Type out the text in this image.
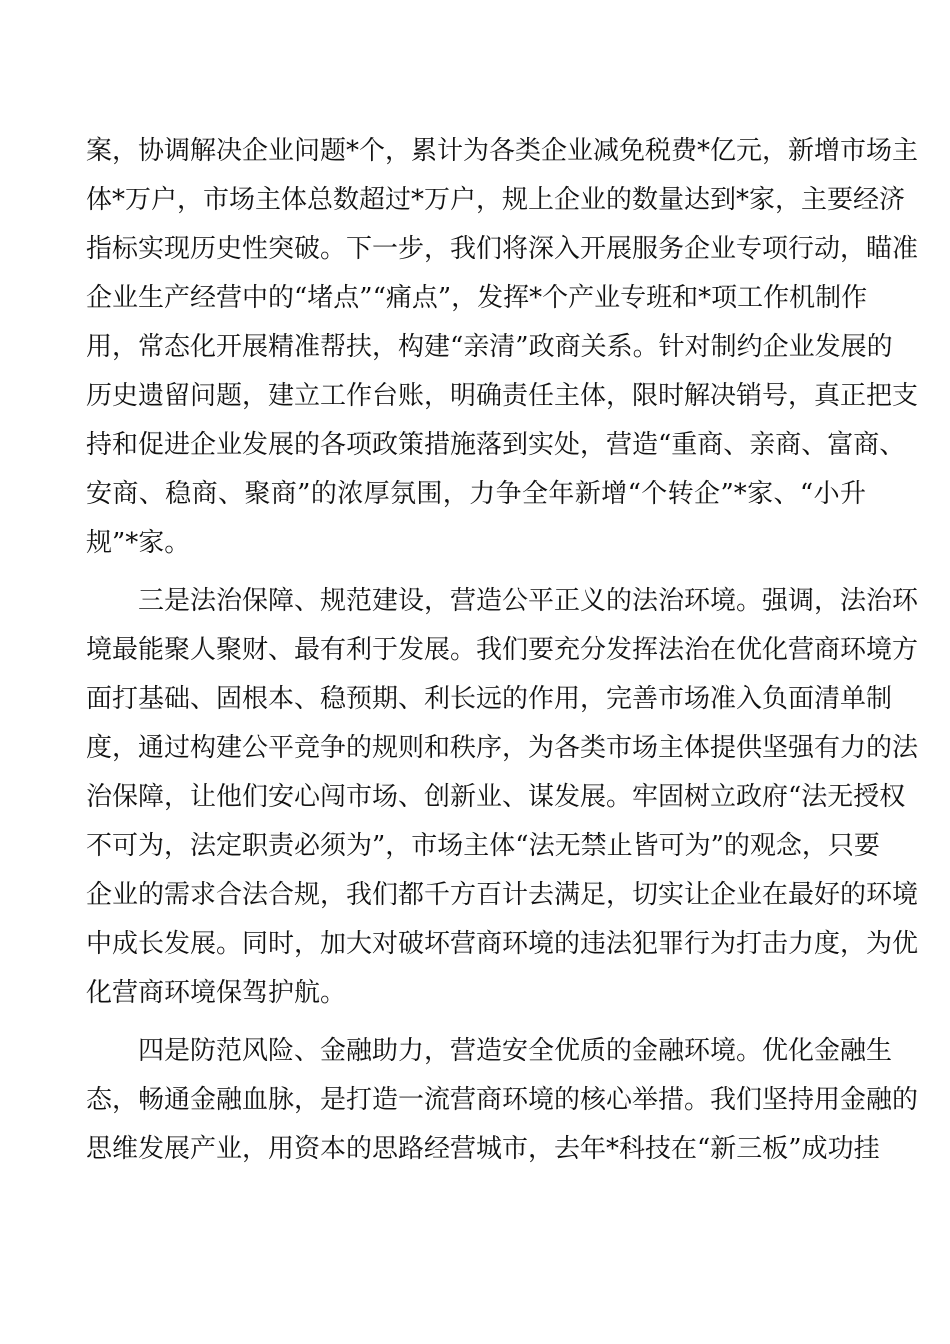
案，协调解决企业问题*个，累计为各类企业减免税费*亿元，新增市场主
体*万户，市场主体总数超过*万户，规上企业的数量达到*家，主要经济
指标实现历史性突破。下一步，我们将深入开展服务企业专项行动，瞄准
企业生产经营中的“堵点”“痛点”，发挥*个产业专班和*项工作机制作
用，常态化开展精准帮扶，构建“亲清”政商关系。针对制约企业发展的
历史遗留问题，建立工作台账，明确责任主体，限时解决销号，真正把支
持和促进企业发展的各项政策措施落到实处，营造“重商、亲商、富商、
安商、稳商、聚商”的浓厚氛围，力争全年新增“个转企”*家、“小升
规”*家。
三是法治保障、规范建设，营造公平正义的法治环境。强调，法治环
境最能聚人聚财、最有利于发展。我们要充分发挥法治在优化营商环境方
面打基础、固根本、稳预期、利长远的作用，完善市场准入负面清单制
度，通过构建公平竞争的规则和秩序，为各类市场主体提供坚强有力的法
治保障，让他们安心闯市场、创新业、谋发展。牢固树立政府“法无授权
不可为，法定职责必须为”，市场主体“法无禁止皆可为”的观念，只要
企业的需求合法合规，我们都千方百计去满足，切实让企业在最好的环境
中成长发展。同时，加大对破坏营商环境的违法犯罪行为打击力度，为优
化营商环境保驾护航。
四是防范风险、金融助力，营造安全优质的金融环境。优化金融生
态，畅通金融血脉，是打造一流营商环境的核心举措。我们坚持用金融的
思维发展产业，用资本的思路经营城市，去年*科技在“新三板”成功挂
